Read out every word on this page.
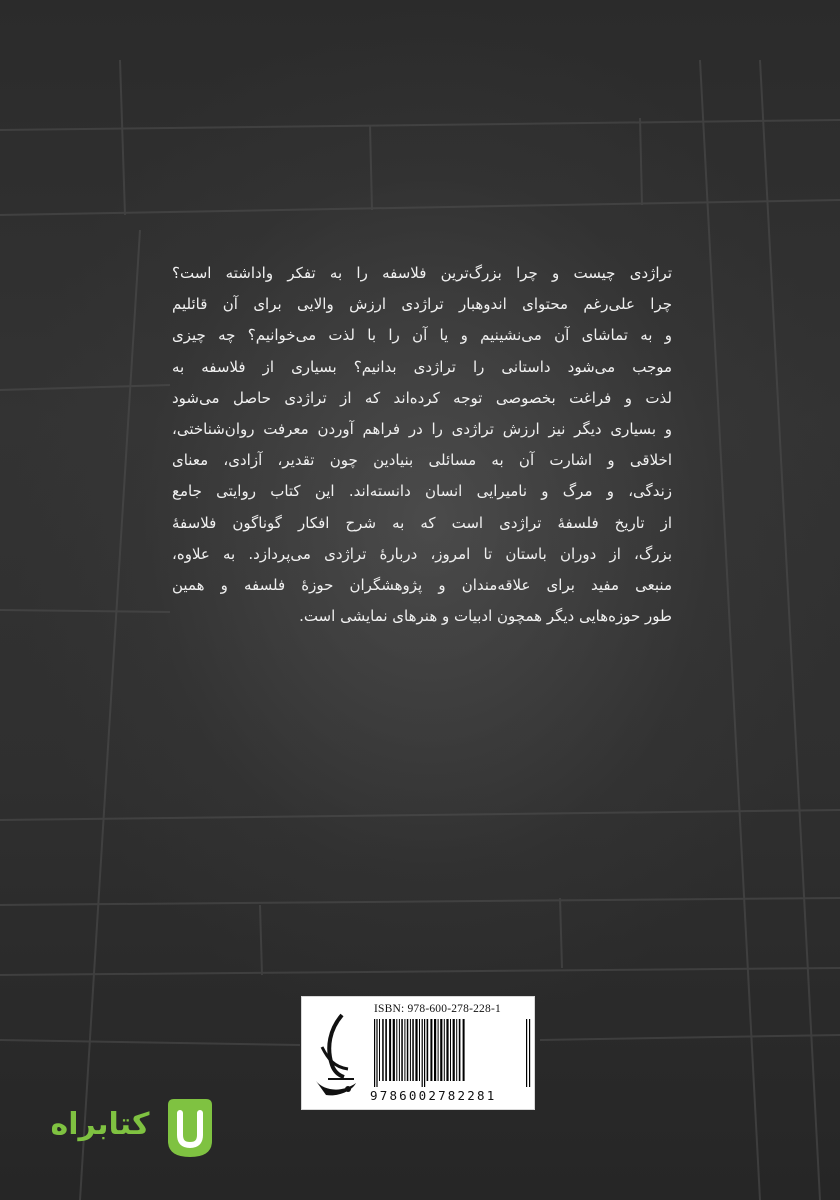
تراژدی چیست و چرا بزرگ‌ترین فلاسفه را به تفکر واداشته است؟
چرا علی‌رغم محتوای اندوهبار تراژدی ارزش والایی برای آن قائلیم
و به تماشای آن می‌نشینیم و یا آن را با لذت می‌خوانیم؟ چه چیزی
موجب می‌شود داستانی را تراژدی بدانیم؟ بسیاری از فلاسفه به
لذت و فراغت بخصوصی توجه کرده‌اند که از تراژدی حاصل می‌شود
و بسیاری دیگر نیز ارزش تراژدی را در فراهم آوردن معرفت روان‌شناختی،
اخلاقی و اشارت آن به مسائلی بنیادین چون تقدیر، آزادی، معنای
زندگی، و مرگ و نامیرایی انسان دانسته‌اند. این کتاب روایتی جامع
از تاریخ فلسفهٔ تراژدی است که به شرح افکار گوناگون فلاسفهٔ
بزرگ، از دوران باستان تا امروز، دربارهٔ تراژدی می‌پردازد. به علاوه،
منبعی مفید برای علاقه‌مندان و پژوهشگران حوزهٔ فلسفه و همین
طور حوزه‌هایی دیگر همچون ادبیات و هنرهای نمایشی است.
ISBN: 978-600-278-228-1
9786002782281
کتابراه
